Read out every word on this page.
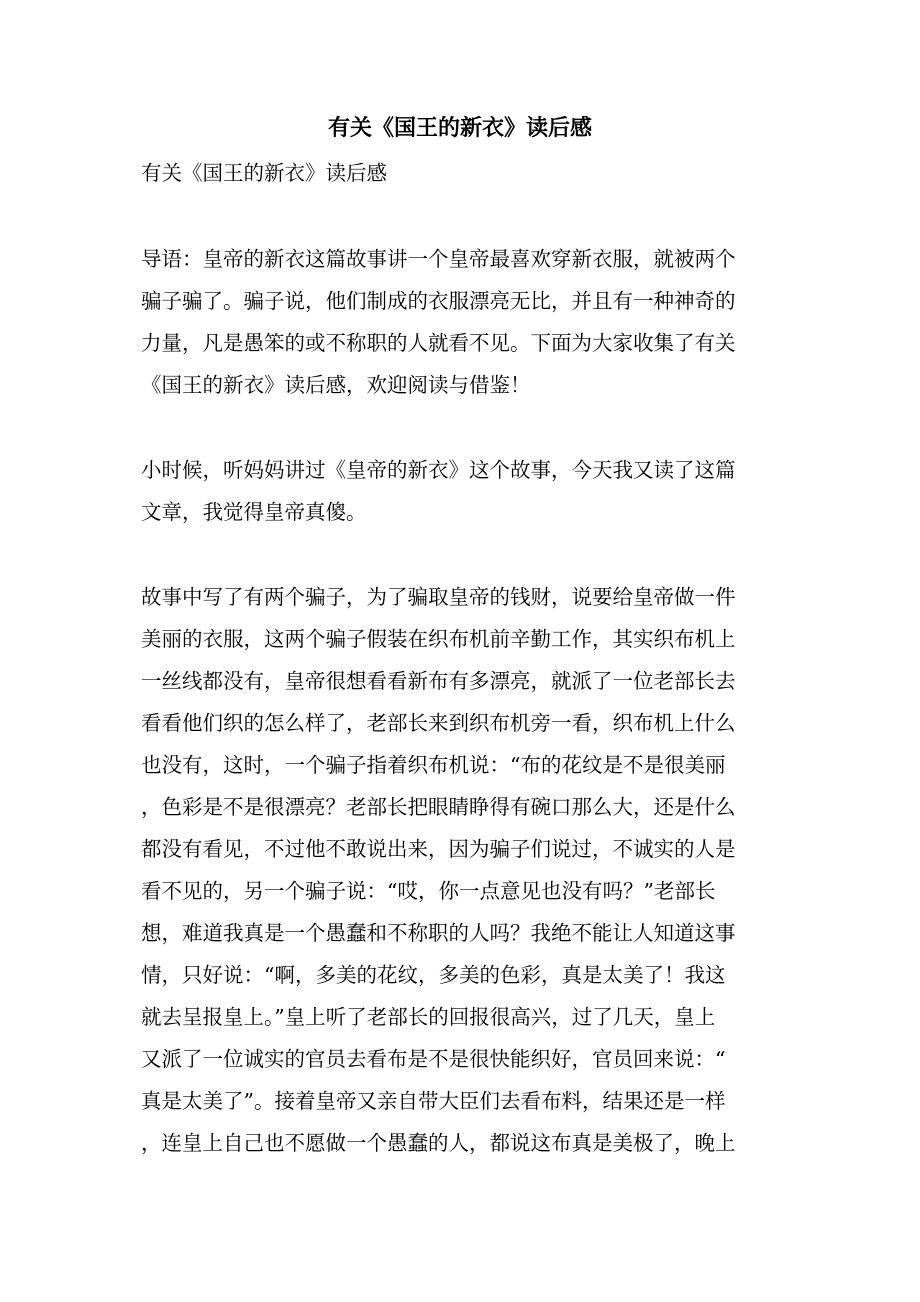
有关《国王的新衣》读后感

有关《国王的新衣》读后感

导语：皇帝的新衣这篇故事讲一个皇帝最喜欢穿新衣服，就被两个

骗子骗了。骗子说，他们制成的衣服漂亮无比，并且有一种神奇的

力量，凡是愚笨的或不称职的人就看不见。下面为大家收集了有关

《国王的新衣》读后感，欢迎阅读与借鉴！

小时候，听妈妈讲过《皇帝的新衣》这个故事，今天我又读了这篇

文章，我觉得皇帝真傻。

故事中写了有两个骗子，为了骗取皇帝的钱财，说要给皇帝做一件

美丽的衣服，这两个骗子假装在织布机前辛勤工作，其实织布机上

一丝线都没有，皇帝很想看看新布有多漂亮，就派了一位老部长去

看看他们织的怎么样了，老部长来到织布机旁一看，织布机上什么

也没有，这时，一个骗子指着织布机说：“布的花纹是不是很美丽

，色彩是不是很漂亮？老部长把眼睛睁得有碗口那么大，还是什么

都没有看见，不过他不敢说出来，因为骗子们说过，不诚实的人是

看不见的，另一个骗子说：“哎，你一点意见也没有吗？”老部长

想，难道我真是一个愚蠢和不称职的人吗？我绝不能让人知道这事

情，只好说：“啊，多美的花纹，多美的色彩，真是太美了！我这

就去呈报皇上。”皇上听了老部长的回报很高兴，过了几天，皇上

又派了一位诚实的官员去看布是不是很快能织好，官员回来说：“

真是太美了”。接着皇帝又亲自带大臣们去看布料，结果还是一样

，连皇上自己也不愿做一个愚蠢的人，都说这布真是美极了，晚上
